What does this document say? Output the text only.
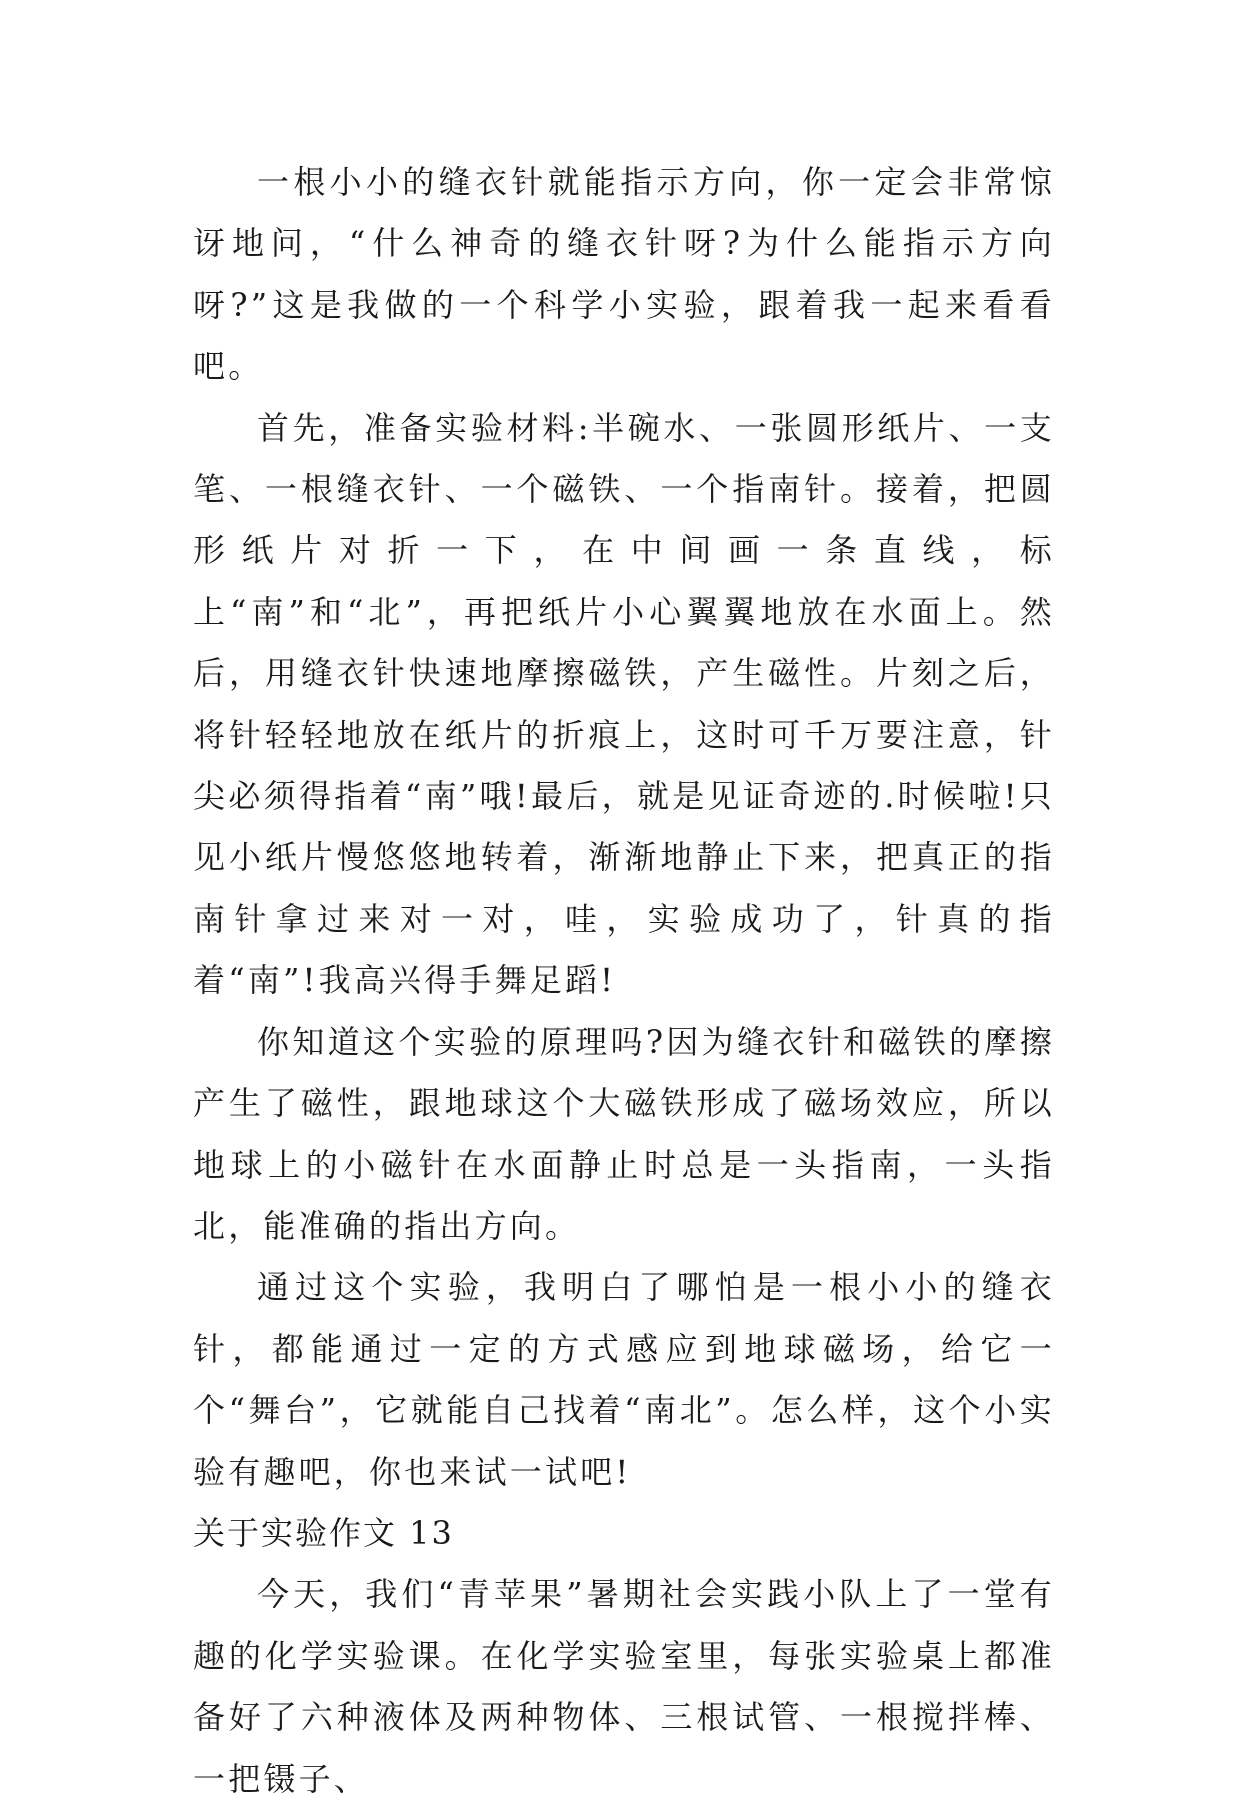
一根小小的缝衣针就能指示方向，你一定会非常惊讶地问，“什么神奇的缝衣针呀?为什么能指示方向呀?”这是我做的一个科学小实验，跟着我一起来看看吧。

首先，准备实验材料:半碗水、一张圆形纸片、一支笔、一根缝衣针、一个磁铁、一个指南针。接着，把圆形纸片对折一下，在中间画一条直线，标上“南”和“北”，再把纸片小心翼翼地放在水面上。然后，用缝衣针快速地摩擦磁铁，产生磁性。片刻之后，将针轻轻地放在纸片的折痕上，这时可千万要注意，针尖必须得指着“南”哦!最后，就是见证奇迹的.时候啦!只见小纸片慢悠悠地转着，渐渐地静止下来，把真正的指南针拿过来对一对，哇，实验成功了，针真的指着“南”!我高兴得手舞足蹈!

你知道这个实验的原理吗?因为缝衣针和磁铁的摩擦产生了磁性，跟地球这个大磁铁形成了磁场效应，所以地球上的小磁针在水面静止时总是一头指南，一头指北，能准确的指出方向。

通过这个实验，我明白了哪怕是一根小小的缝衣针，都能通过一定的方式感应到地球磁场，给它一个“舞台”，它就能自己找着“南北”。怎么样，这个小实验有趣吧，你也来试一试吧!

关于实验作文 13

今天，我们“青苹果”暑期社会实践小队上了一堂有趣的化学实验课。在化学实验室里，每张实验桌上都准备好了六种液体及两种物体、三根试管、一根搅拌棒、一把镊子、
